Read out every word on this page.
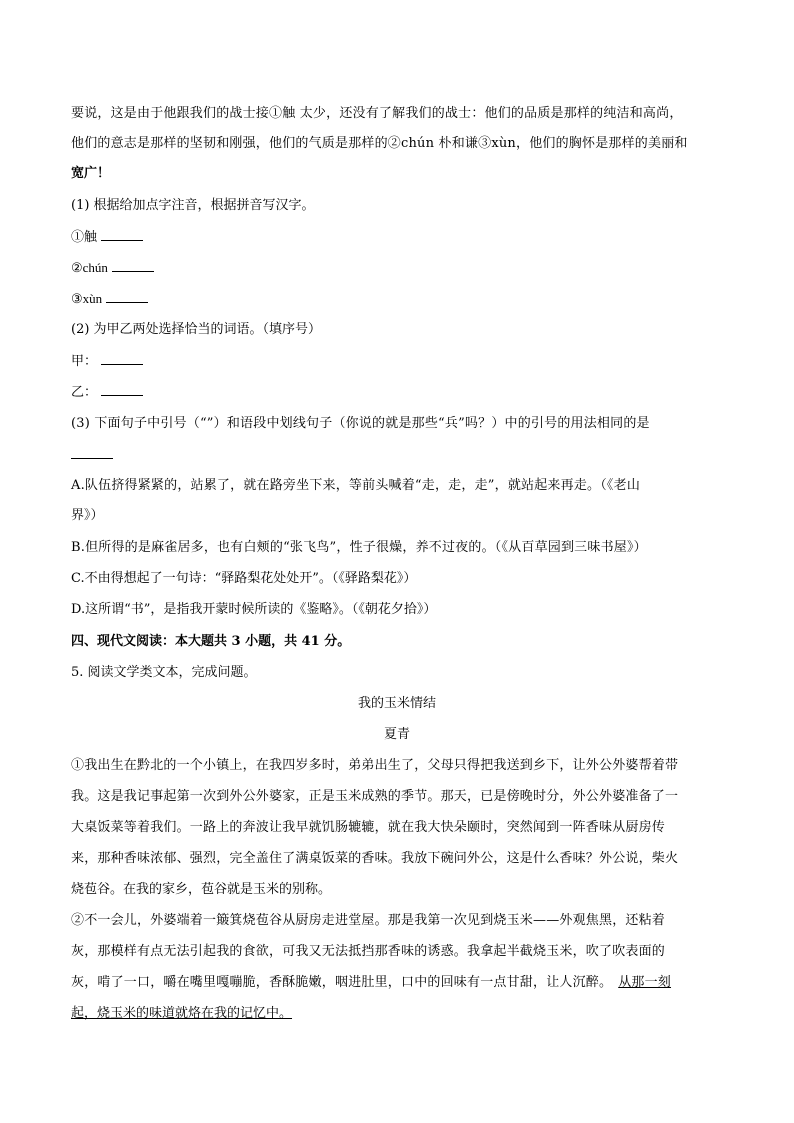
要说，这是由于他跟我们的战士接①触 太少，还没有了解我们的战士：他们的品质是那样的纯洁和高尚，
他们的意志是那样的坚韧和刚强，他们的气质是那样的②chún 朴和谦③xùn，他们的胸怀是那样的美丽和
宽广！
(1) 根据给加点字注音，根据拼音写汉字。
①触
②chún
③xùn
(2) 为甲乙两处选择恰当的词语。（填序号）
甲：
乙：
(3) 下面句子中引号（“”）和语段中划线句子（你说的就是那些“兵”吗？）中的引号的用法相同的是
A.队伍挤得紧紧的，站累了，就在路旁坐下来，等前头喊着“走，走，走”，就站起来再走。（《老山
界》）
B.但所得的是麻雀居多，也有白颊的“张飞鸟”，性子很燥，养不过夜的。（《从百草园到三味书屋》）
C.不由得想起了一句诗：“驿路梨花处处开”。（《驿路梨花》）
D.这所谓“书”，是指我开蒙时候所读的《鉴略》。（《朝花夕拾》）
四、现代文阅读：本大题共 3 小题，共 41 分。
5. 阅读文学类文本，完成问题。
我的玉米情结
夏青
①我出生在黔北的一个小镇上，在我四岁多时，弟弟出生了，父母只得把我送到乡下，让外公外婆帮着带
我。这是我记事起第一次到外公外婆家，正是玉米成熟的季节。那天，已是傍晚时分，外公外婆准备了一
大桌饭菜等着我们。一路上的奔波让我早就饥肠辘辘，就在我大快朵颐时，突然闻到一阵香味从厨房传
来，那种香味浓郁、强烈，完全盖住了满桌饭菜的香味。我放下碗问外公，这是什么香味？外公说，柴火
烧苞谷。在我的家乡，苞谷就是玉米的别称。
②不一会儿，外婆端着一簸箕烧苞谷从厨房走进堂屋。那是我第一次见到烧玉米——外观焦黑，还粘着
灰，那模样有点无法引起我的食欲，可我又无法抵挡那香味的诱惑。我拿起半截烧玉米，吹了吹表面的
灰，啃了一口，嚼在嘴里嘎嘣脆，香酥脆嫩，咽进肚里，口中的回味有一点甘甜，让人沉醉。 从那一刻
起，烧玉米的味道就烙在我的记忆中。
